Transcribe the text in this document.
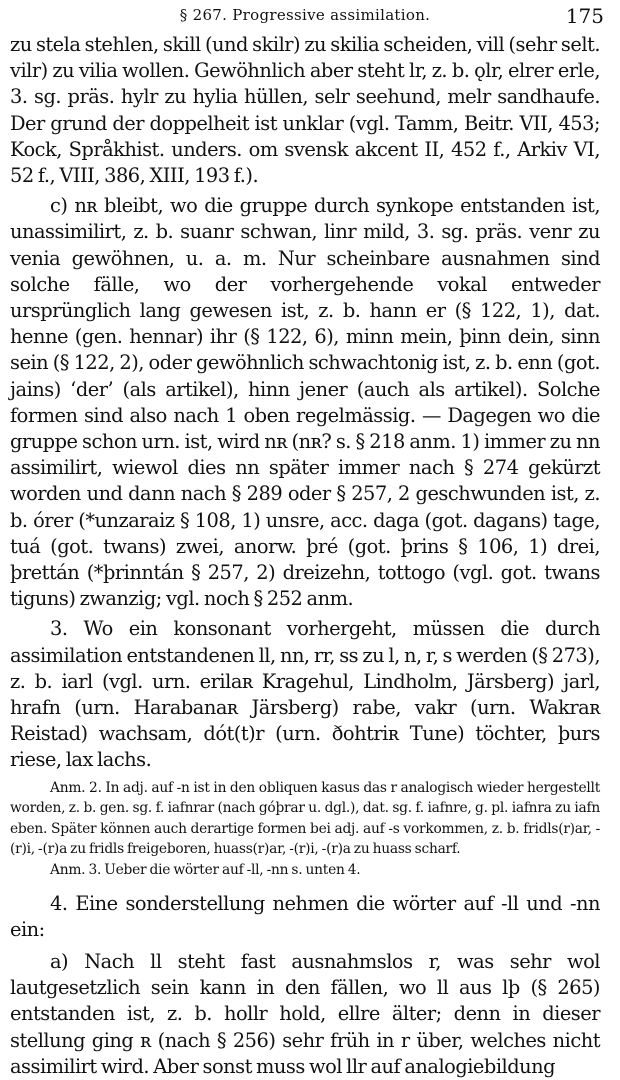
§ 267. Progressive assimilation.	175

zu stela stehlen, skill (und skilr) zu skilia scheiden, vill (sehr selt. vilr) zu vilia wollen. Gewöhnlich aber steht lr, z. b. ǫlr, elrer erle, 3. sg. präs. hylr zu hylia hüllen, selr seehund, melr sandhaufe. Der grund der doppelheit ist unklar (vgl. Tamm, Beitr. VII, 453; Kock, Språkhist. unders. om svensk akcent II, 452 f., Arkiv VI, 52 f., VIII, 386, XIII, 193 f.).

c) nʀ bleibt, wo die gruppe durch synkope entstanden ist, unassimilirt, z. b. suanr schwan, linr mild, 3. sg. präs. venr zu venia gewöhnen, u. a. m. Nur scheinbare ausnahmen sind solche fälle, wo der vorhergehende vokal entweder ursprünglich lang gewesen ist, z. b. hann er (§ 122, 1), dat. henne (gen. hennar) ihr (§ 122, 6), minn mein, þinn dein, sinn sein (§ 122, 2), oder gewöhnlich schwachtonig ist, z. b. enn (got. jains) ‘der’ (als artikel), hinn jener (auch als artikel). Solche formen sind also nach 1 oben regelmässig. — Dagegen wo die gruppe schon urn. ist, wird nʀ (nʀ? s. § 218 anm. 1) immer zu nn assimilirt, wiewol dies nn später immer nach § 274 gekürzt worden und dann nach § 289 oder § 257, 2 geschwunden ist, z. b. órer (*unzaraiz § 108, 1) unsre, acc. daga (got. dagans) tage, tuá (got. twans) zwei, anorw. þré (got. þrins § 106, 1) drei, þrettán (*þrinntán § 257, 2) dreizehn, tottogo (vgl. got. twans tiguns) zwanzig; vgl. noch § 252 anm.

3. Wo ein konsonant vorhergeht, müssen die durch assimilation entstandenen ll, nn, rr, ss zu l, n, r, s werden (§ 273), z. b. iarl (vgl. urn. erilaʀ Kragehul, Lindholm, Järsberg) jarl, hrafn (urn. Harabanaʀ Järsberg) rabe, vakr (urn. Wakraʀ Reistad) wachsam, dót(t)r (urn. ðohtriʀ Tune) töchter, þurs riese, lax lachs.

Anm. 2. In adj. auf -n ist in den obliquen kasus das r analogisch wieder hergestellt worden, z. b. gen. sg. f. iafnrar (nach góþrar u. dgl.), dat. sg. f. iafnre, g. pl. iafnra zu iafn eben. Später können auch derartige formen bei adj. auf -s vorkommen, z. b. fridls(r)ar, -(r)i, -(r)a zu fridls freigeboren, huass(r)ar, -(r)i, -(r)a zu huass scharf.

Anm. 3. Ueber die wörter auf -ll, -nn s. unten 4.

4. Eine sonderstellung nehmen die wörter auf -ll und -nn ein:

a) Nach ll steht fast ausnahmslos r, was sehr wol lautgesetzlich sein kann in den fällen, wo ll aus lþ (§ 265) entstanden ist, z. b. hollr hold, ellre älter; denn in dieser stellung ging ʀ (nach § 256) sehr früh in r über, welches nicht assimilirt wird. Aber sonst muss wol llr auf analogiebildung
